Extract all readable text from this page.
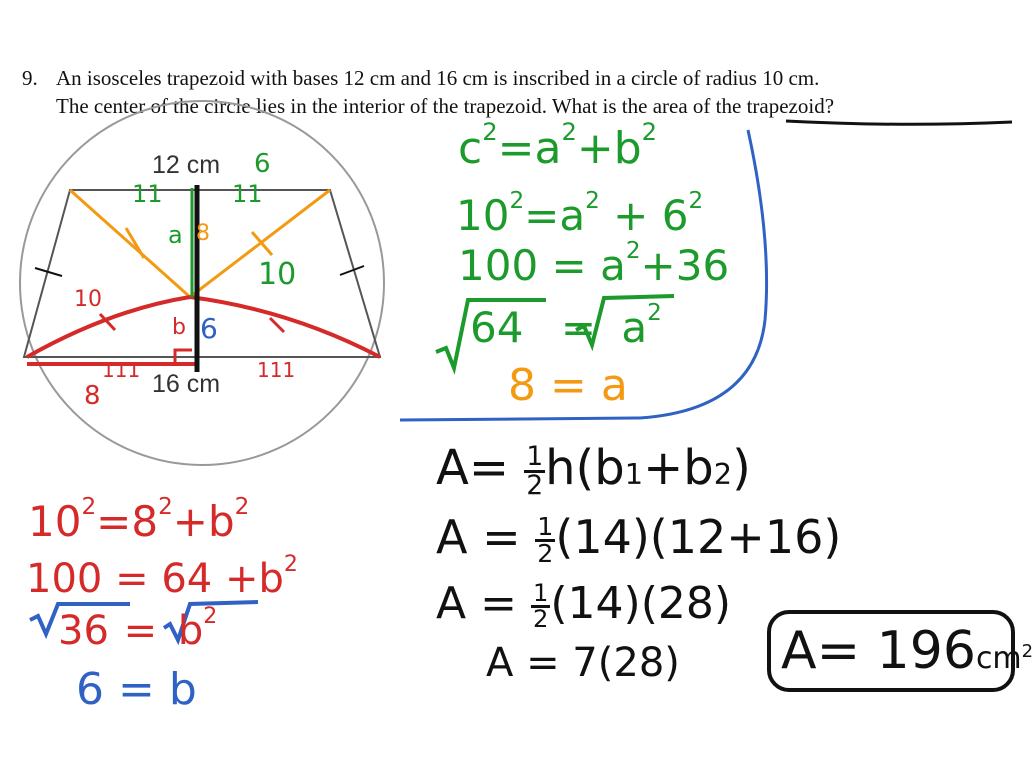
9. An isosceles trapezoid with bases 12 cm and 16 cm is inscribed in a circle of radius 10 cm.
The center of the circle lies in the interior of the trapezoid. What is the area of the trapezoid?
12 cm
16 cm
6
a 8
10
10
b 6
8
11	11
111	111
$c^2=a^2+b^2$
$10^2=a^2 + 6^2$
$100 = a^2+36$
$64 = a^2$
8 = a
$10^2=8^2+b^2$
$100 = 64 +b^2$
$36 = b^2$
6 = b
$A= \frac{1}{2} h(b1+b2)$
$A = \frac{1}{2} (14)(12+16)$
$A = \frac{1}{2} (14)(28)$
A = 7(28) $A= 196cm^2$
